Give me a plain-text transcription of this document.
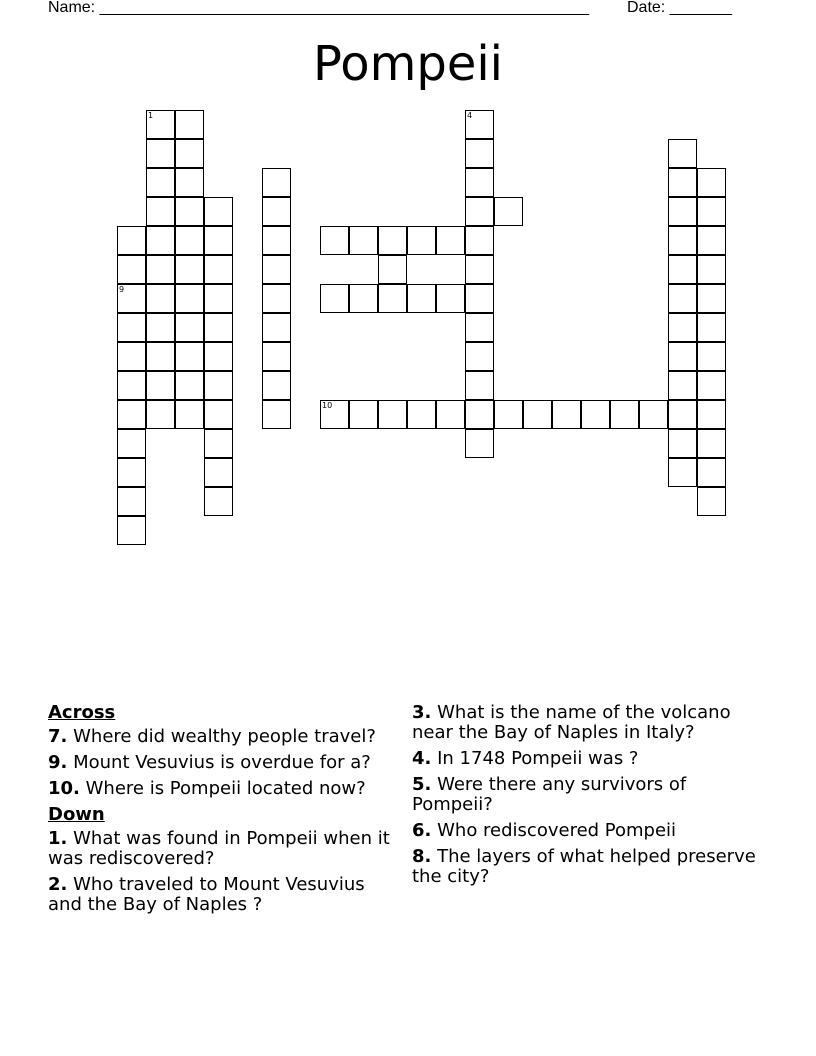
Name: _______________________________________________________ Date: _______
Pompeii
9
1
10
4
Across
7. Where did wealthy people travel?
9. Mount Vesuvius is overdue for a?
10. Where is Pompeii located now?
Down
1. What was found in Pompeii when it was rediscovered?
2. Who traveled to Mount Vesuvius and the Bay of Naples ?
3. What is the name of the volcano near the Bay of Naples in Italy?
4. In 1748 Pompeii was ?
5. Were there any survivors of Pompeii?
6. Who rediscovered Pompeii
8. The layers of what helped preserve the city?
